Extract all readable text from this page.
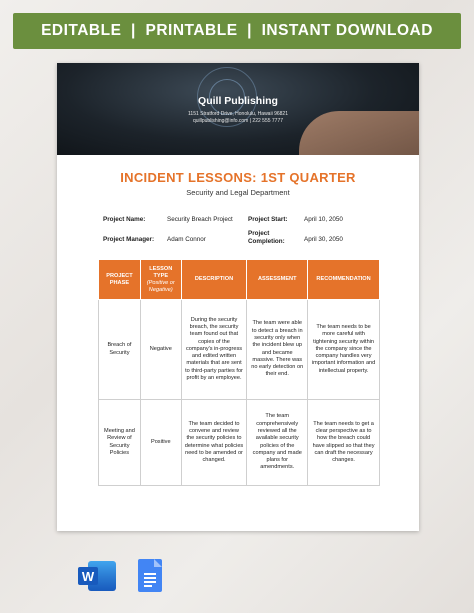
EDITABLE  |  PRINTABLE  |  INSTANT DOWNLOAD
Quill Publishing
1151 Stratford Drive, Honolulu, Hawaii 96821
quillpublishing@info.com | 222 555 7777
INCIDENT LESSONS: 1ST QUARTER
Security and Legal Department
Project Name:	Security Breach Project Project Start:	April 10, 2050
Project Manager: Adam Connor
Project
Completion:	April 30, 2050
PROJECT
PHASE	LESSON
TYPE
(Positive or Negative)	DESCRIPTION	ASSESSMENT	RECOMMENDATION
Breach of Security	Negative	During the security breach, the security team found out that copies of the company's in-progress and edited written materials that are sent to third-party parties for profit by an employee.	The team were able to detect a breach in security only when the incident blew up and became massive. There was no early detection on their end.	The team needs to be more careful with tightening security within the company since the company handles very important information and intellectual property.
Meeting and Review of Security Policies	Positive	The team decided to convene and review the security policies to determine what policies need to be amended or changed.	The team comprehensively reviewed all the available security policies of the company and made plans for amendments.	The team needs to get a clear perspective as to how the breach could have slipped so that they can draft the necessary changes.
W
